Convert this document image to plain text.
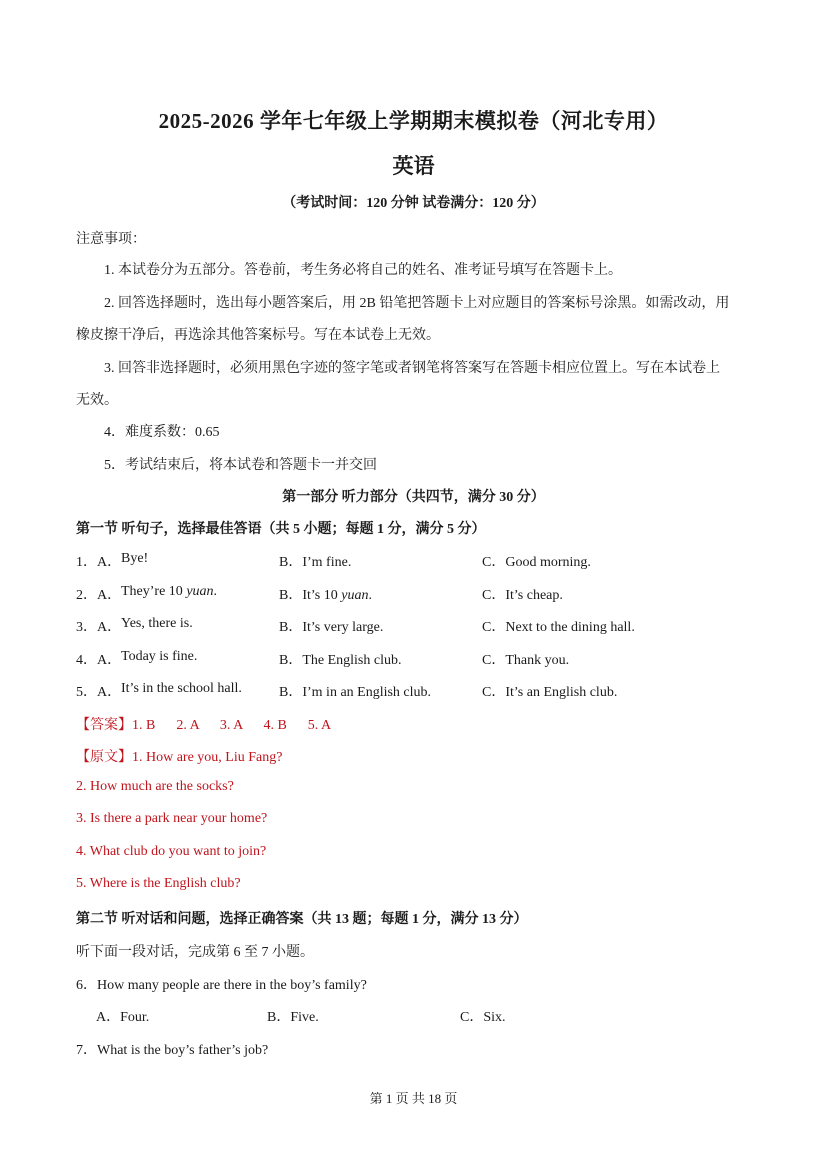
2025-2026 学年七年级上学期期末模拟卷（河北专用）
英语
（考试时间：120 分钟 试卷满分：120 分）
注意事项：
1. 本试卷分为五部分。答卷前，考生务必将自己的姓名、准考证号填写在答题卡上。
2. 回答选择题时，选出每小题答案后，用 2B 铅笔把答题卡上对应题目的答案标号涂黑。如需改动，用
橡皮擦干净后，再选涂其他答案标号。写在本试卷上无效。
3. 回答非选择题时，必须用黑色字迹的签字笔或者钢笔将答案写在答题卡相应位置上。写在本试卷上
无效。
4．难度系数：0.65
5．考试结束后，将本试卷和答题卡一并交回
第一部分 听力部分（共四节，满分 30 分）
第一节 听句子，选择最佳答语（共 5 小题；每题 1 分，满分 5 分）
1．A． Bye!	B．I’m fine.	C．Good morning.
2．A． They’re 10 yuan.	B．It’s 10 yuan.	C．It’s cheap.
3．A． Yes, there is.	B．It’s very large.	C．Next to the dining hall.
4．A． Today is fine.	B．The English club.	C．Thank you.
5．A． It’s in the school hall.	B．I’m in an English club.	C．It’s an English club.
【答案】1. B      2. A      3. A      4. B      5. A
【原文】1. How are you, Liu Fang?
2. How much are the socks?
3. Is there a park near your home?
4. What club do you want to join?
5. Where is the English club?
第二节 听对话和问题，选择正确答案（共 13 题；每题 1 分，满分 13 分）
听下面一段对话，完成第 6 至 7 小题。
6．How many people are there in the boy’s family?
A．Four.	B．Five.	C．Six.
7．What is the boy’s father’s job?
第 1 页 共 18 页
